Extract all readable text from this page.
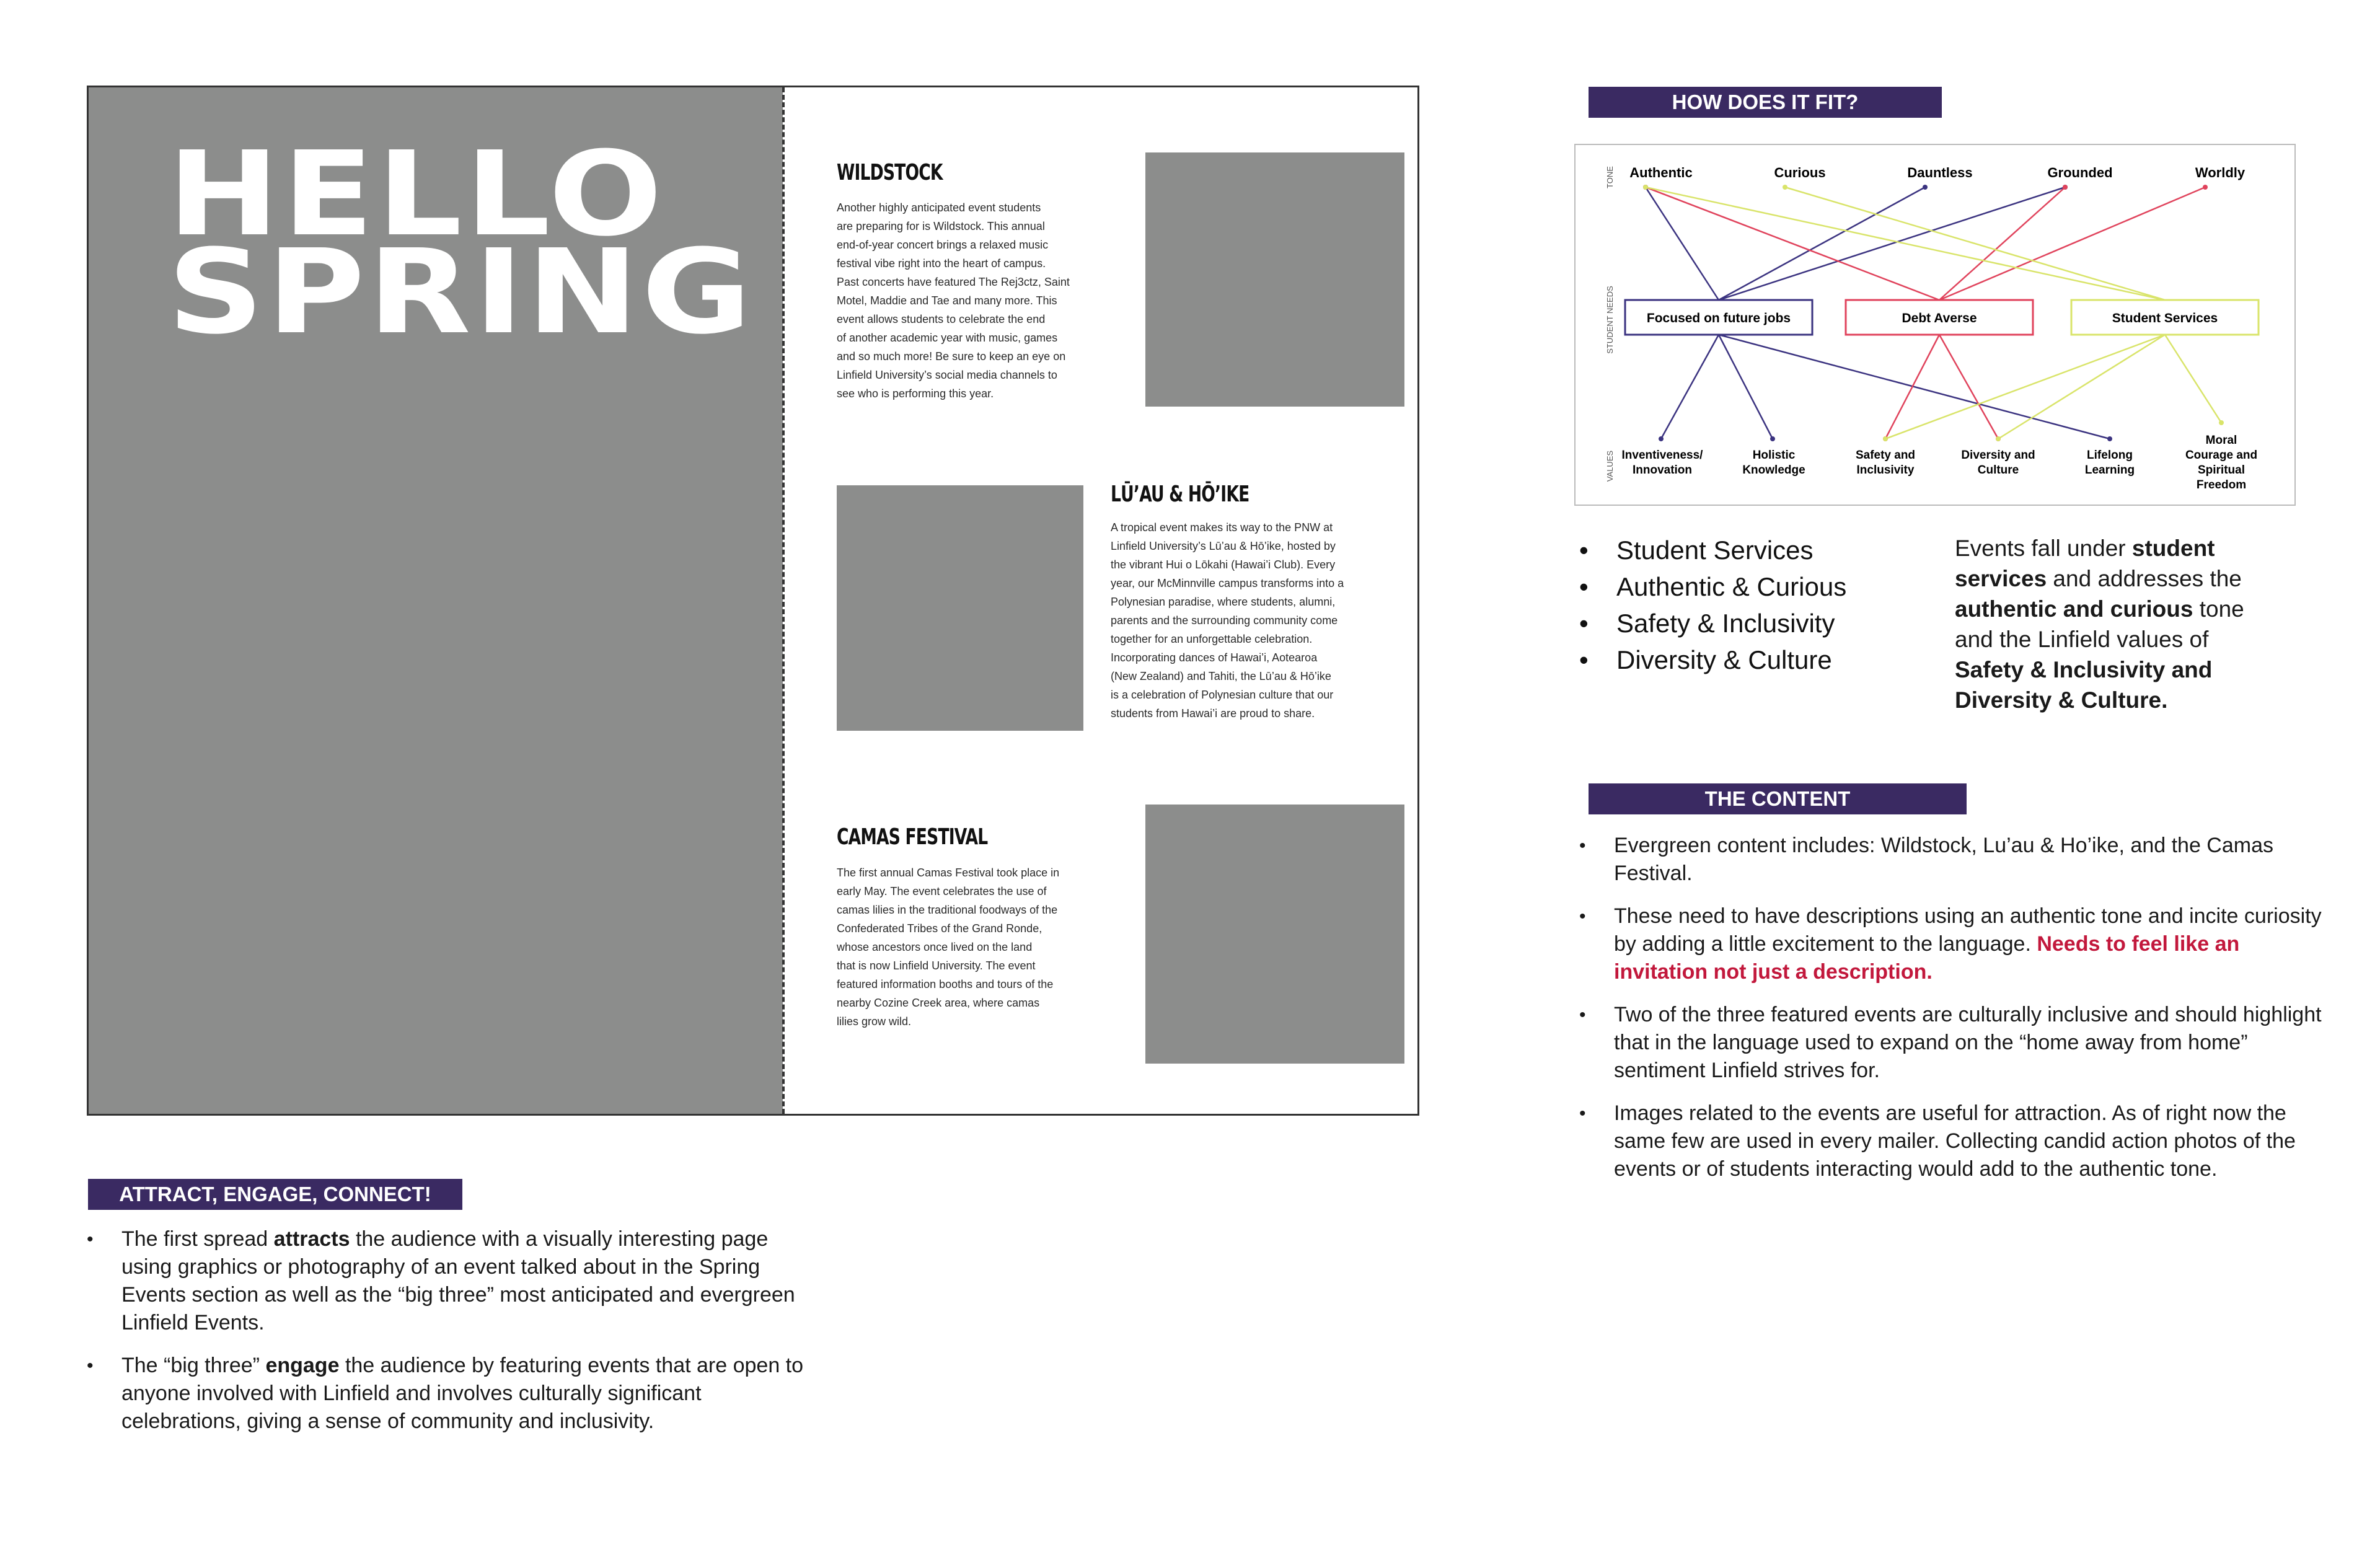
HELLO
SPRING
WILDSTOCK
Another highly anticipated event students
are preparing for is Wildstock. This annual
end-of-year concert brings a relaxed music
festival vibe right into the heart of campus.
Past concerts have featured The Rej3ctz, Saint
Motel, Maddie and Tae and many more. This
event allows students to celebrate the end
of another academic year with music, games
and so much more! Be sure to keep an eye on
Linfield University’s social media channels to
see who is performing this year.
LŪ’AU & HŌ’IKE
A tropical event makes its way to the PNW at
Linfield University’s Lū’au & Hō’ike, hosted by
the vibrant Hui o Lōkahi (Hawai’i Club). Every
year, our McMinnville campus transforms into a
Polynesian paradise, where students, alumni,
parents and the surrounding community come
together for an unforgettable celebration.
Incorporating dances of Hawai’i, Aotearoa
(New Zealand) and Tahiti, the Lū’au & Hō’ike
is a celebration of Polynesian culture that our
students from Hawai’i are proud to share.
CAMAS FESTIVAL
The first annual Camas Festival took place in
early May. The event celebrates the use of
camas lilies in the traditional foodways of the
Confederated Tribes of the Grand Ronde,
whose ancestors once lived on the land
that is now Linfield University. The event
featured information booths and tours of the
nearby Cozine Creek area, where camas
lilies grow wild.
ATTRACT, ENGAGE, CONNECT!
• The first spread attracts the audience with a visually interesting page using graphics or photography of an event talked about in the Spring Events section as well as the “big three” most anticipated and evergreen Linfield Events.
• The “big three” engage the audience by featuring events that are open to anyone involved with Linfield and involves culturally significant celebrations, giving a sense of community and inclusivity.
HOW DOES IT FIT?
TONE
STUDENT NEEDS
VALUES
Authentic	Curious	Dauntless	Grounded	Worldly
Focused on future jobs	Debt Averse	Student Services
Inventiveness/
Innovation
Holistic
Knowledge
Safety and
Inclusivity
Diversity and
Culture
Lifelong
Learning
Moral
Courage and
Spiritual
Freedom
• Student Services
• Authentic & Curious
• Safety & Inclusivity
• Diversity & Culture
Events fall under student services and addresses the authentic and curious tone and the Linfield values of Safety & Inclusivity and Diversity & Culture.
THE CONTENT
• Evergreen content includes: Wildstock, Lu’au & Ho’ike, and the Camas Festival.
• These need to have descriptions using an authentic tone and incite curiosity by adding a little excitement to the language. Needs to feel like an invitation not just a description.
• Two of the three featured events are culturally inclusive and should highlight that in the language used to expand on the “home away from home” sentiment Linfield strives for.
• Images related to the events are useful for attraction. As of right now the same few are used in every mailer. Collecting candid action photos of the events or of students interacting would add to the authentic tone.
